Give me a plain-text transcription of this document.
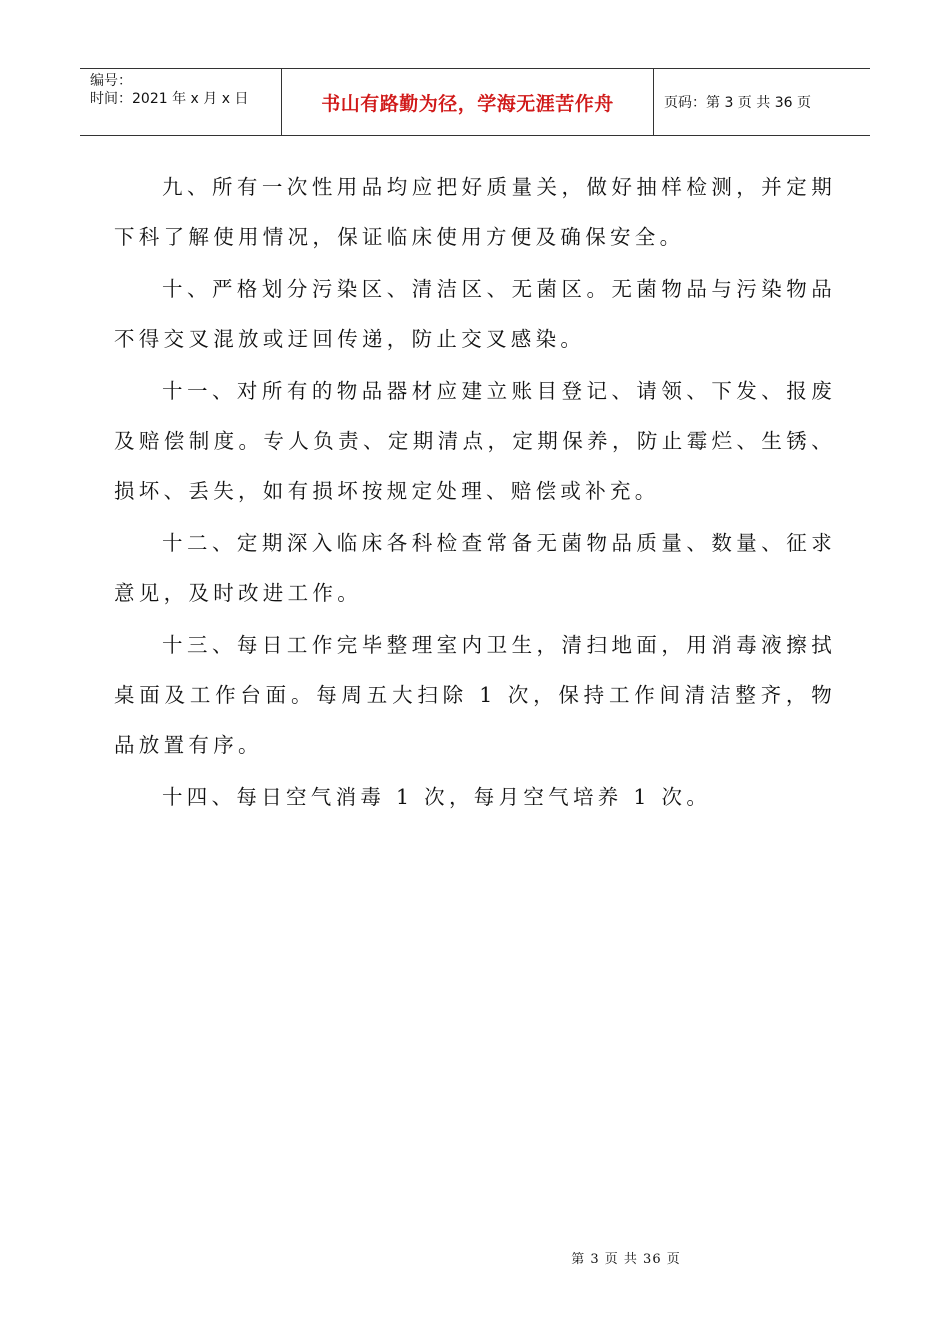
编号：
时间：2021 年 x 月 x 日	书山有路勤为径，学海无涯苦作舟	页码：第 3 页 共 36 页

九、所有一次性用品均应把好质量关，做好抽样检测，并定期下科了解使用情况，保证临床使用方便及确保安全。

十、严格划分污染区、清洁区、无菌区。无菌物品与污染物品不得交叉混放或迂回传递，防止交叉感染。

十一、对所有的物品器材应建立账目登记、请领、下发、报废及赔偿制度。专人负责、定期清点，定期保养，防止霉烂、生锈、损坏、丢失，如有损坏按规定处理、赔偿或补充。

十二、定期深入临床各科检查常备无菌物品质量、数量、征求意见，及时改进工作。

十三、每日工作完毕整理室内卫生，清扫地面，用消毒液擦拭桌面及工作台面。每周五大扫除 1 次，保持工作间清洁整齐，物品放置有序。

十四、每日空气消毒 1 次，每月空气培养 1 次。

第 3 页 共 36 页
